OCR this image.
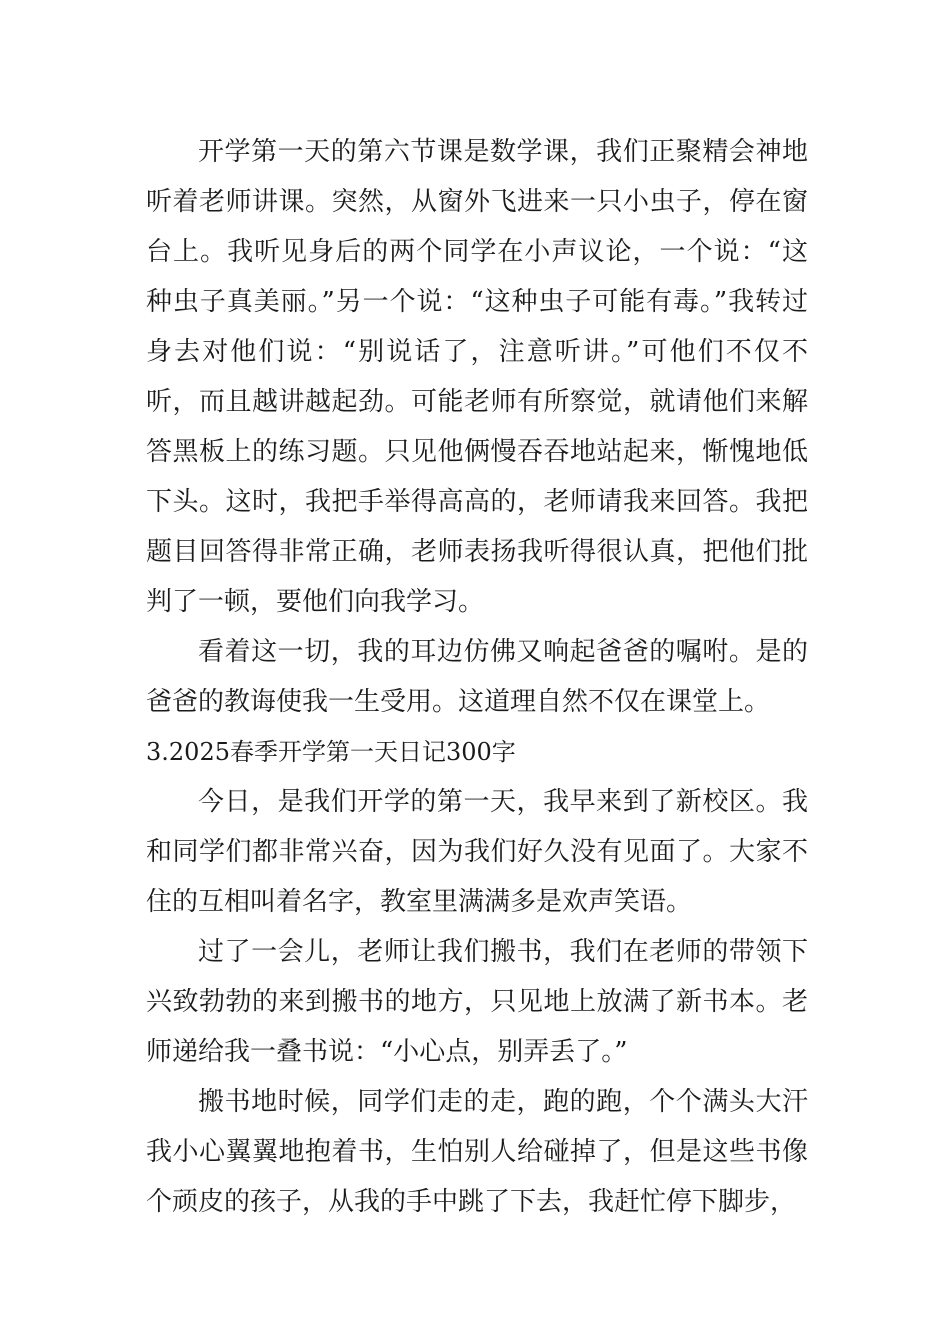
开学第一天的第六节课是数学课，我们正聚精会神地听着老师讲课。突然，从窗外飞进来一只小虫子，停在窗台上。我听见身后的两个同学在小声议论，一个说：“这种虫子真美丽。”另一个说：“这种虫子可能有毒。”我转过身去对他们说：“别说话了，注意听讲。”可他们不仅不听，而且越讲越起劲。可能老师有所察觉，就请他们来解答黑板上的练习题。只见他俩慢吞吞地站起来，惭愧地低下头。这时，我把手举得高高的，老师请我来回答。我把题目回答得非常正确，老师表扬我听得很认真，把他们批判了一顿，要他们向我学习。

看着这一切，我的耳边仿佛又响起爸爸的嘱咐。是的爸爸的教诲使我一生受用。这道理自然不仅在课堂上。

3.2025春季开学第一天日记300字

今日，是我们开学的第一天，我早来到了新校区。我和同学们都非常兴奋，因为我们好久没有见面了。大家不住的互相叫着名字，教室里满满多是欢声笑语。

过了一会儿，老师让我们搬书，我们在老师的带领下兴致勃勃的来到搬书的地方，只见地上放满了新书本。老师递给我一叠书说：“小心点，别弄丢了。”

搬书地时候，同学们走的走，跑的跑，个个满头大汗我小心翼翼地抱着书，生怕别人给碰掉了，但是这些书像个顽皮的孩子，从我的手中跳了下去，我赶忙停下脚步，
